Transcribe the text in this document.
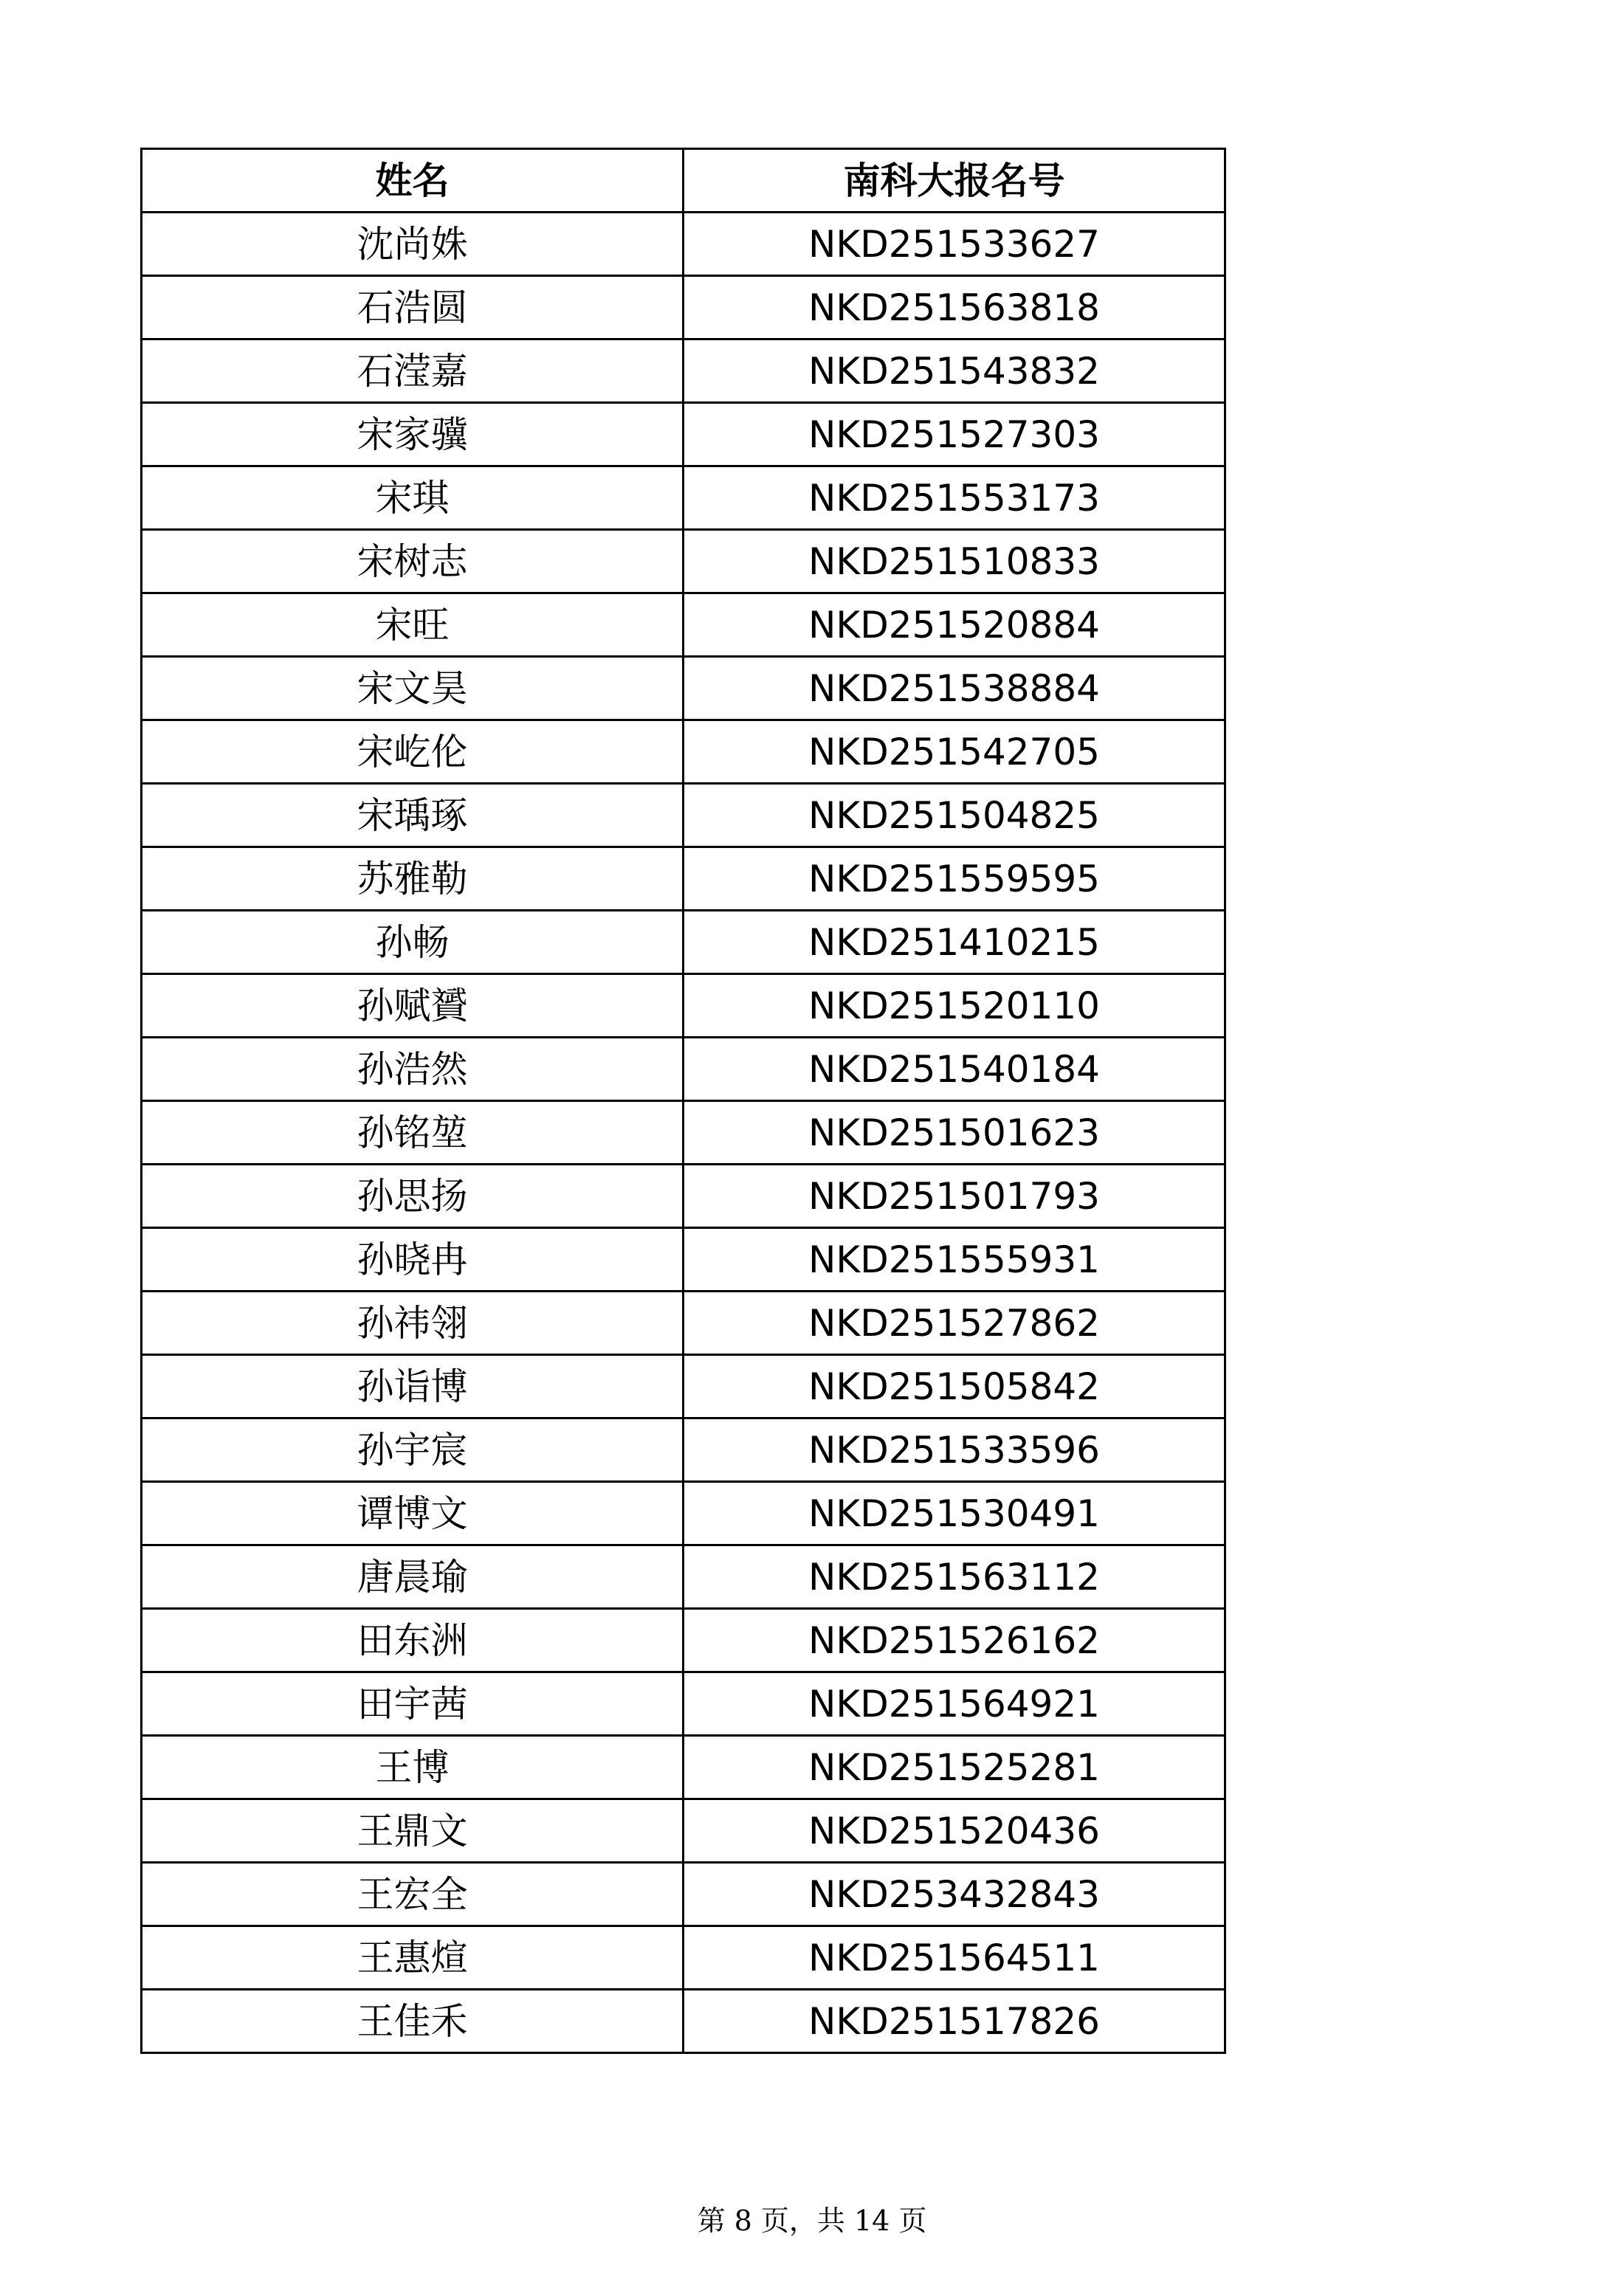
姓名	南科大报名号
沈尚姝	NKD251533627
石浩圆	NKD251563818
石滢嘉	NKD251543832
宋家骥	NKD251527303
宋琪	NKD251553173
宋树志	NKD251510833
宋旺	NKD251520884
宋文昊	NKD251538884
宋屹伦	NKD251542705
宋瑀琢	NKD251504825
苏雅勒	NKD251559595
孙畅	NKD251410215
孙赋贇	NKD251520110
孙浩然	NKD251540184
孙铭堃	NKD251501623
孙思扬	NKD251501793
孙晓冉	NKD251555931
孙祎翎	NKD251527862
孙诣博	NKD251505842
孙宇宸	NKD251533596
谭博文	NKD251530491
唐晨瑜	NKD251563112
田东洲	NKD251526162
田宇茜	NKD251564921
王博	NKD251525281
王鼎文	NKD251520436
王宏全	NKD253432843
王惠煊	NKD251564511
王佳禾	NKD251517826
第 8 页，共 14 页
